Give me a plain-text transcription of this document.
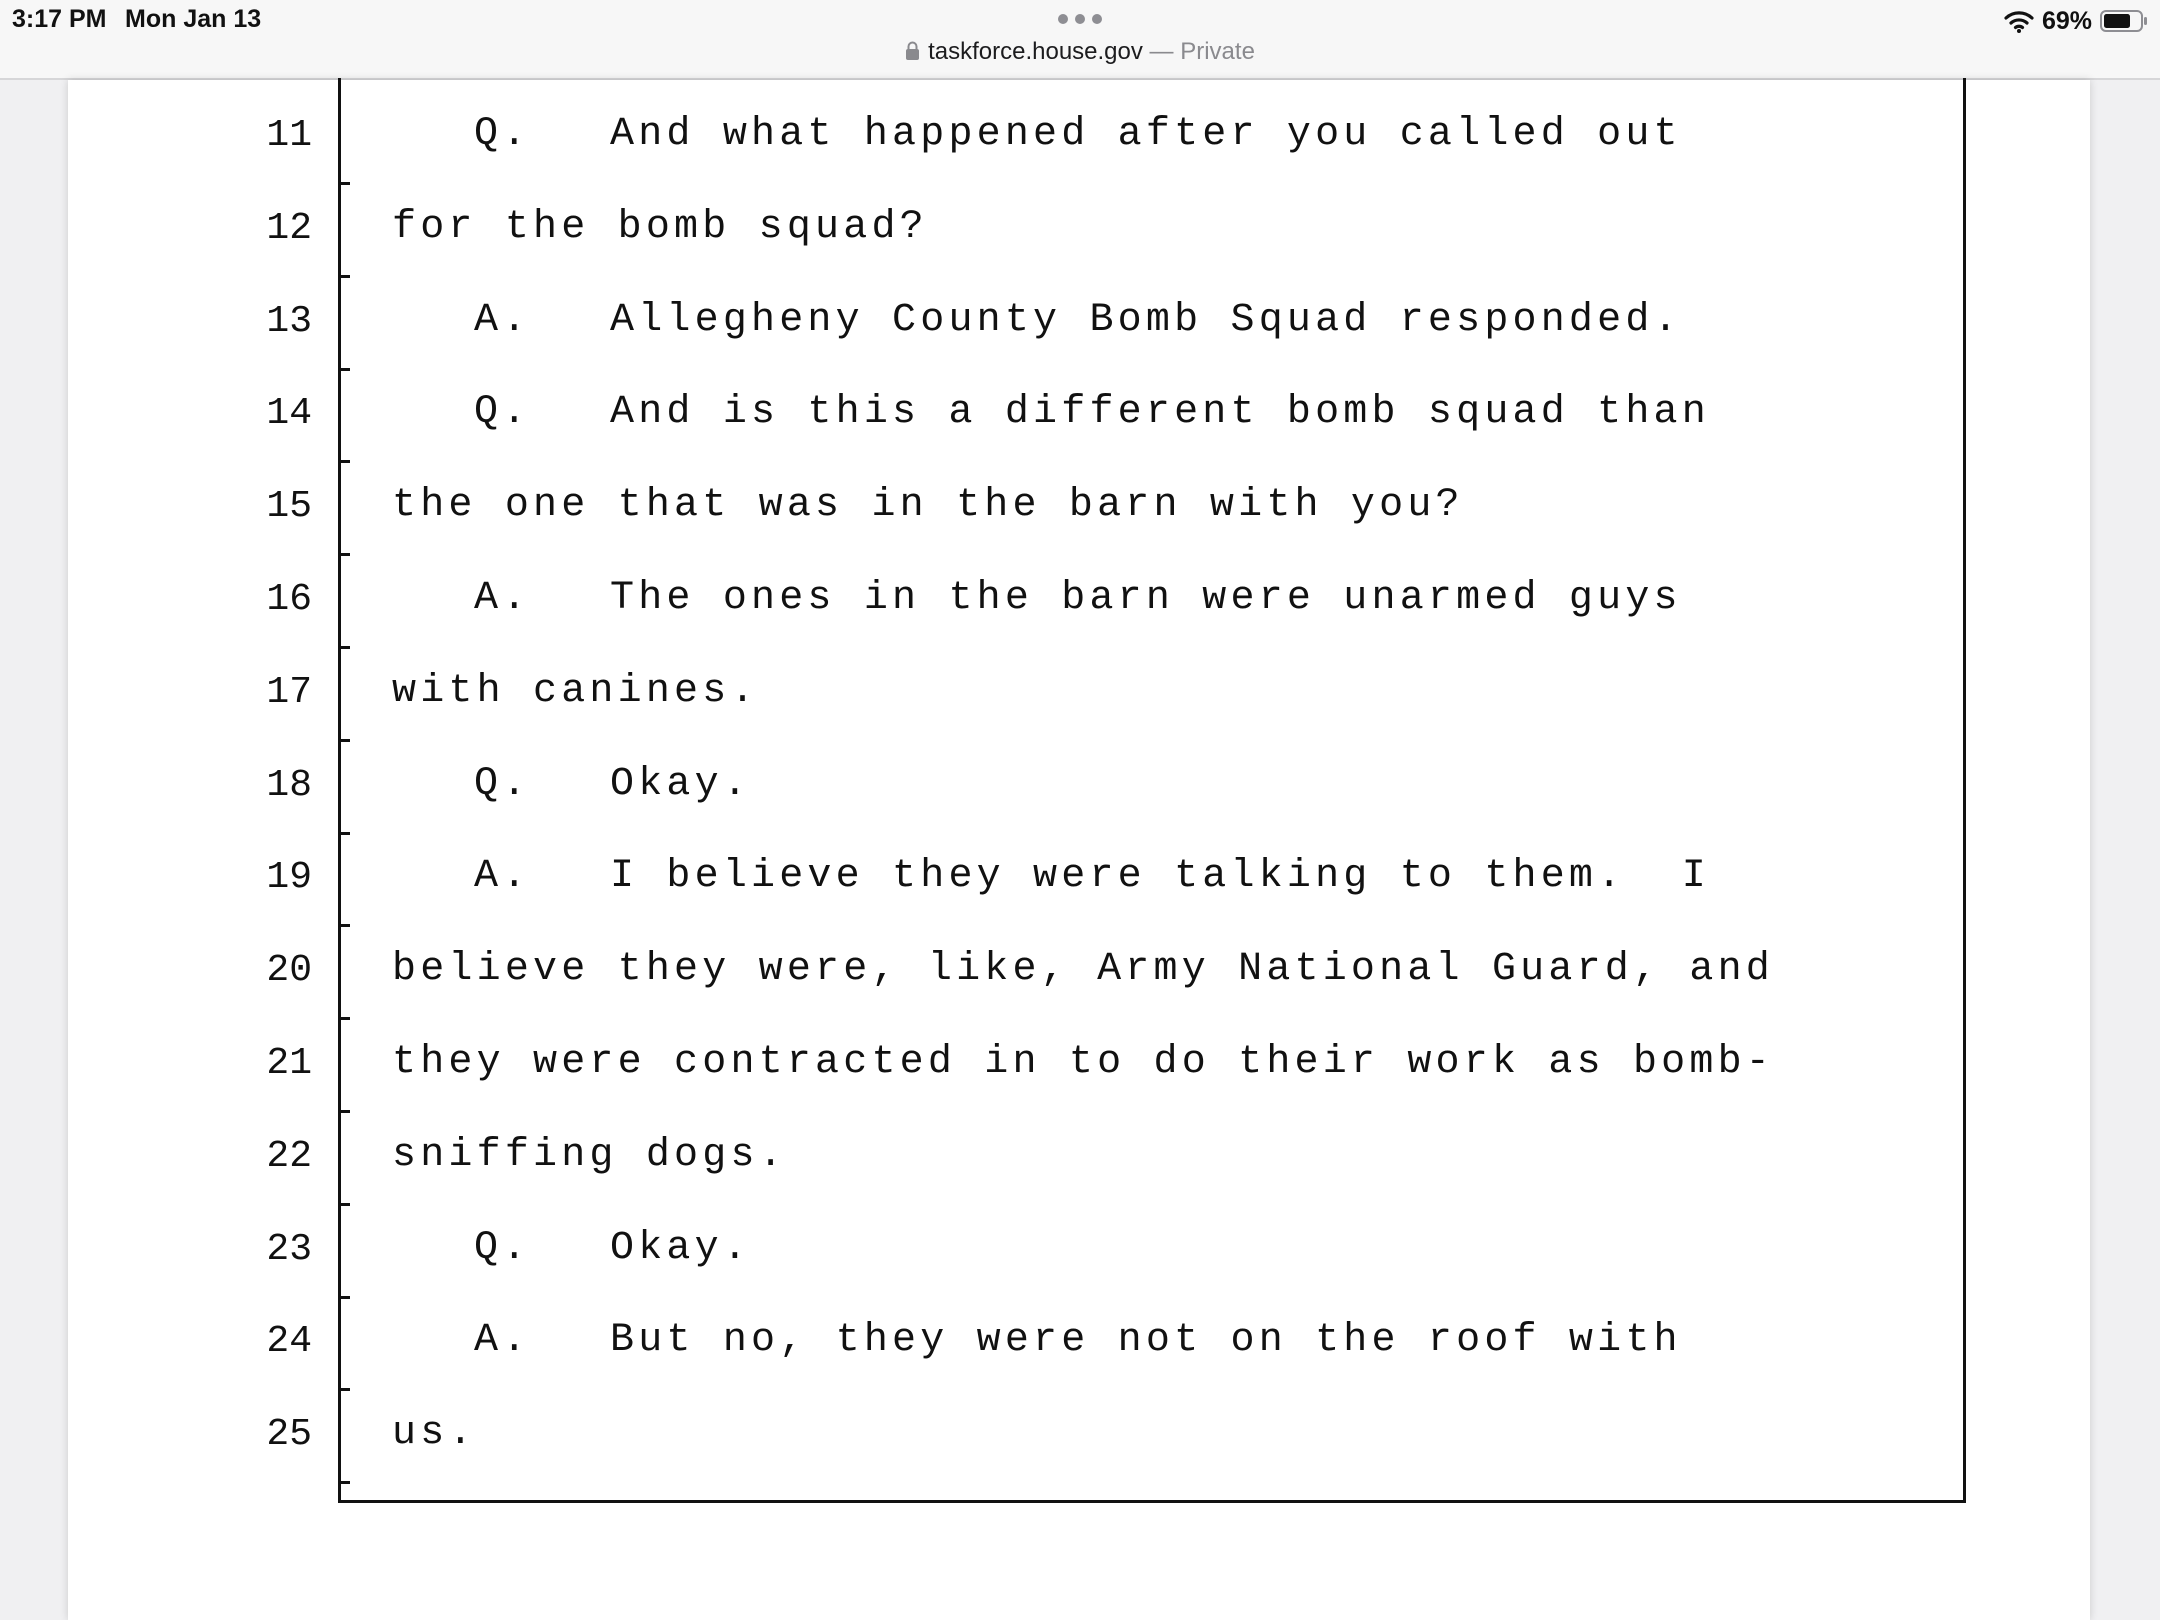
3:17 PM Mon Jan 13
taskforce.house.gov — Private
69%
11	Q. And what happened after you called out
12 for the bomb squad?
13	A. Allegheny County Bomb Squad responded.
14	Q. And is this a different bomb squad than
15 the one that was in the barn with you?
16	A. The ones in the barn were unarmed guys
17 with canines.
18	Q. Okay.
19	A. I believe they were talking to them.  I
20 believe they were, like, Army National Guard, and
21 they were contracted in to do their work as bomb-
22 sniffing dogs.
23	Q. Okay.
24	A. But no, they were not on the roof with
25 us.
